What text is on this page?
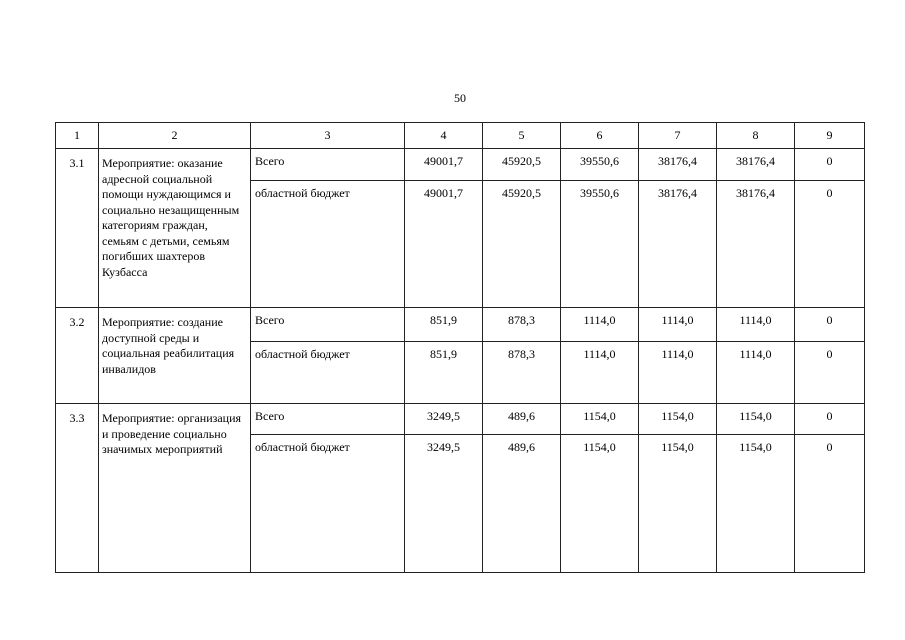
50
1	2	3	4	5	6	7	8	9
3.1	Мероприятие: оказание адресной социальной помощи нуждающимся и социально незащищенным категориям граждан, семьям с детьми, семьям погибших шахтеров Кузбасса	Всего	49001,7	45920,5	39550,6	38176,4	38176,4	0
		областной бюджет	49001,7	45920,5	39550,6	38176,4	38176,4	0
3.2	Мероприятие: создание доступной среды и социальная реабилитация инвалидов	Всего	851,9	878,3	1114,0	1114,0	1114,0	0
		областной бюджет	851,9	878,3	1114,0	1114,0	1114,0	0
3.3	Мероприятие: организация и проведение социально значимых мероприятий	Всего	3249,5	489,6	1154,0	1154,0	1154,0	0
		областной бюджет	3249,5	489,6	1154,0	1154,0	1154,0	0
